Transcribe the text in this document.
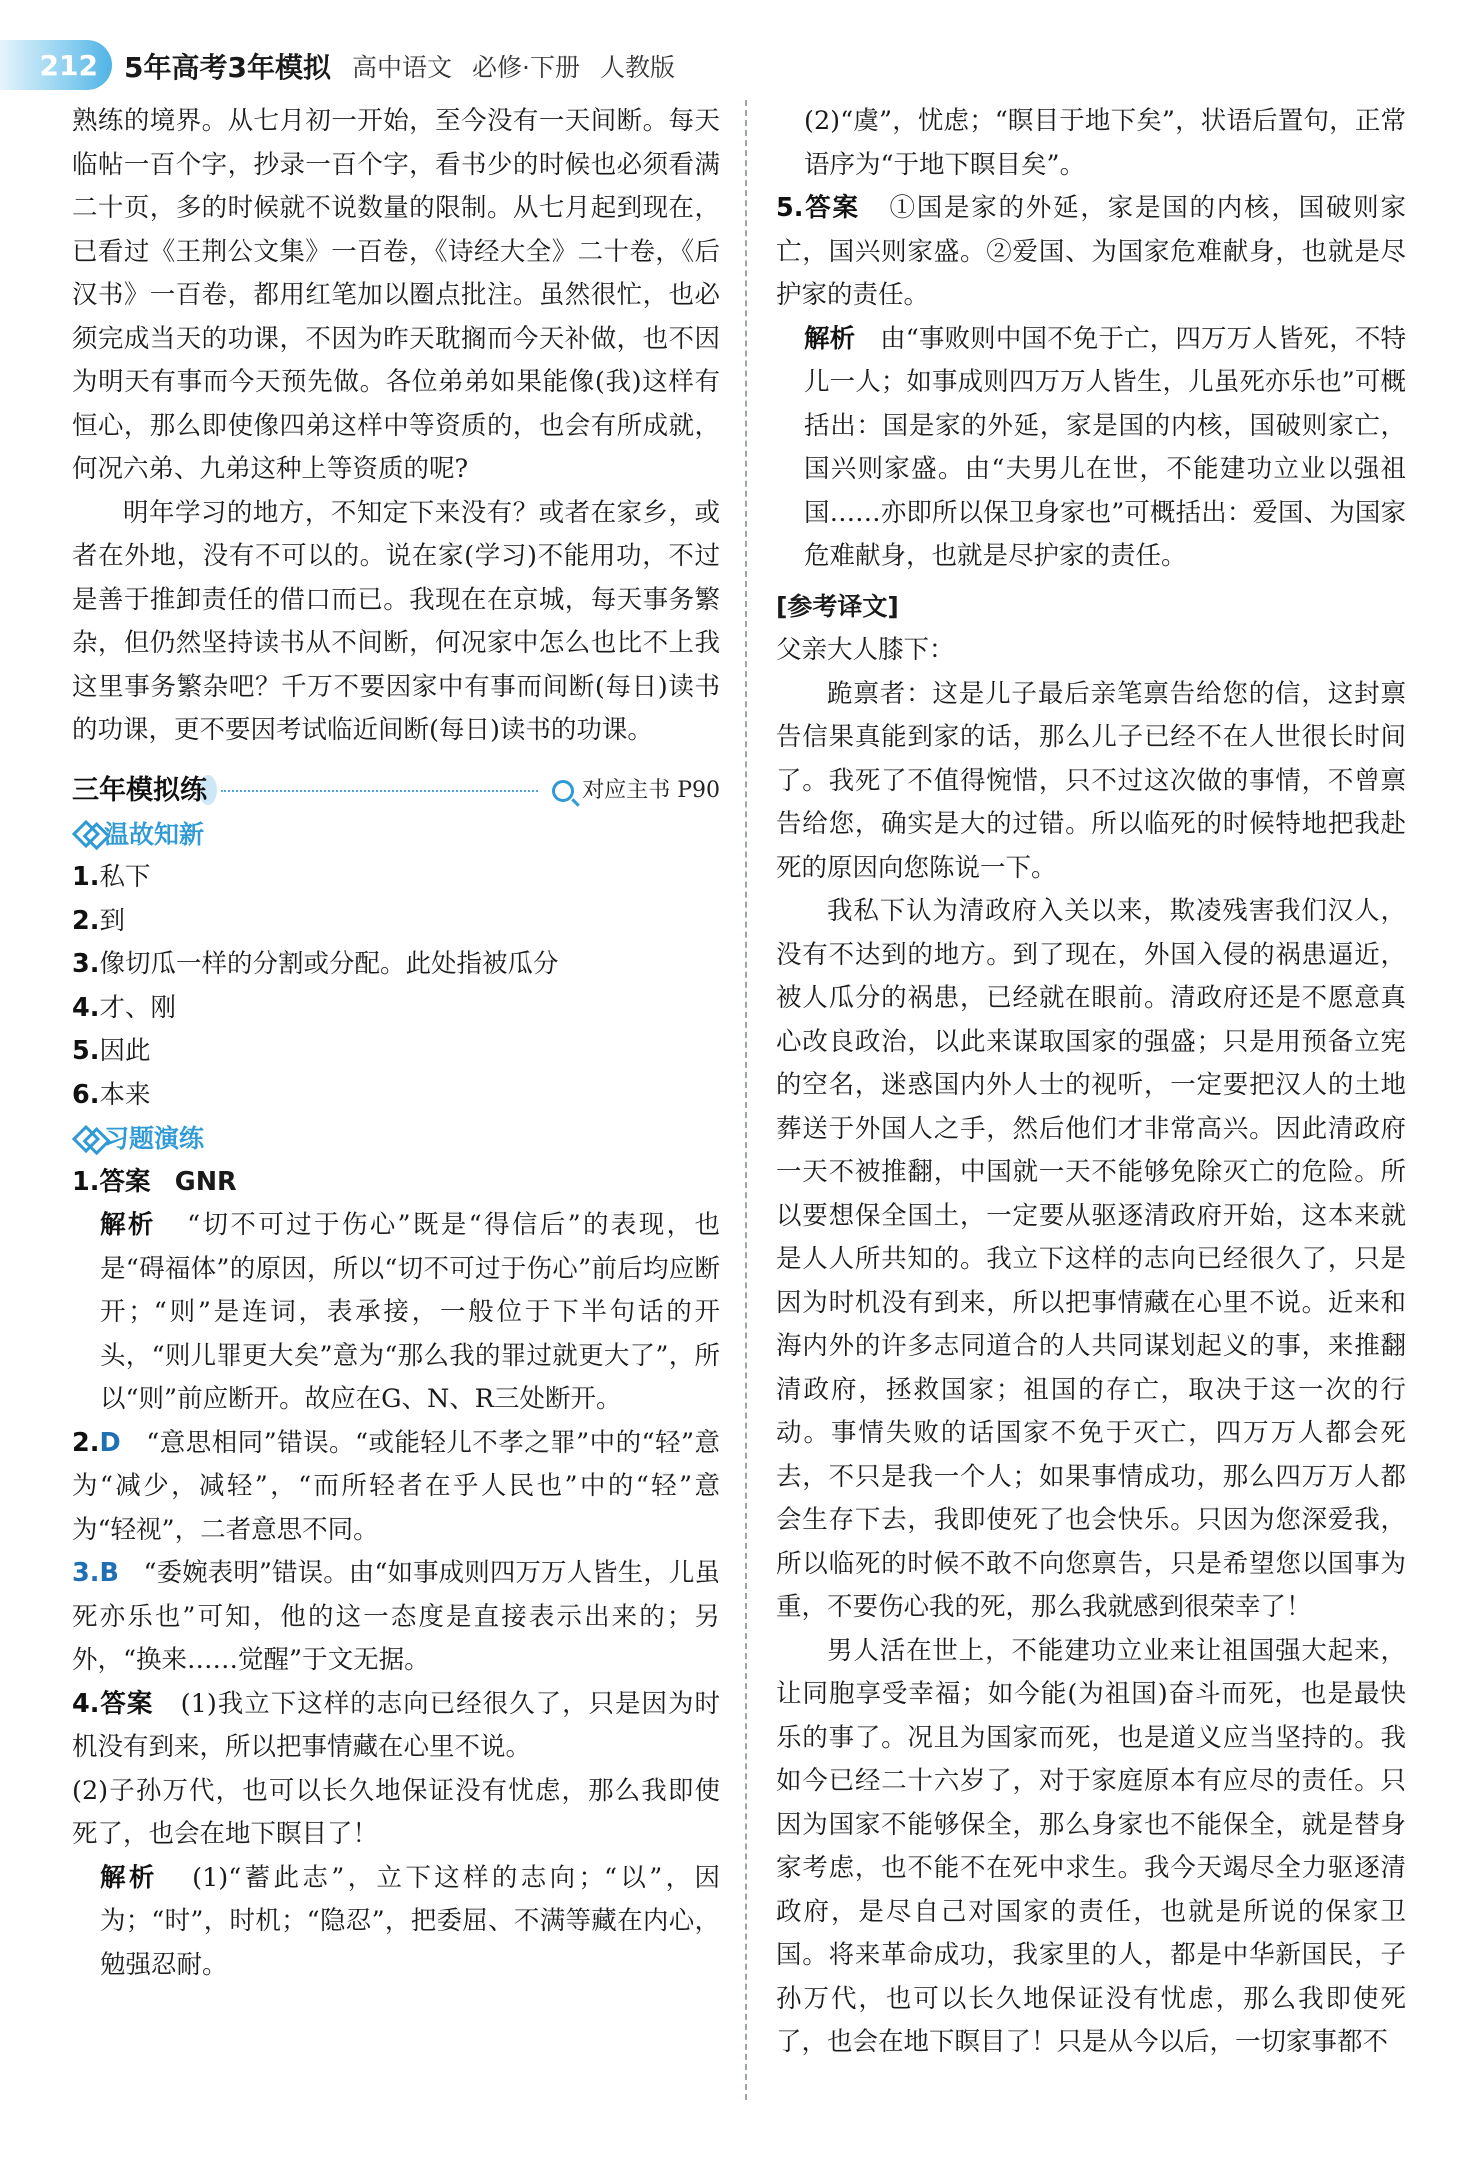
212 5年高考3年模拟 高中语文 必修·下册 人教版

熟练的境界。从七月初一开始，至今没有一天间断。每天临帖一百个字，抄录一百个字，看书少的时候也必须看满二十页，多的时候就不说数量的限制。从七月起到现在，已看过《王荆公文集》一百卷，《诗经大全》二十卷，《后汉书》一百卷，都用红笔加以圈点批注。虽然很忙，也必须完成当天的功课，不因为昨天耽搁而今天补做，也不因为明天有事而今天预先做。各位弟弟如果能像(我)这样有恒心，那么即使像四弟这样中等资质的，也会有所成就，何况六弟、九弟这种上等资质的呢?

明年学习的地方，不知定下来没有？或者在家乡，或者在外地，没有不可以的。说在家(学习)不能用功，不过是善于推卸责任的借口而已。我现在在京城，每天事务繁杂，但仍然坚持读书从不间断，何况家中怎么也比不上我这里事务繁杂吧？千万不要因家中有事而间断(每日)读书的功课，更不要因考试临近间断(每日)读书的功课。

三年模拟练	对应主书 P90
温故知新

1.私下

2.到

3.像切瓜一样的分割或分配。此处指被瓜分

4.才、刚

5.因此

6.本来

习题演练

1.答案 GNR

解析 “切不可过于伤心”既是“得信后”的表现，也是“碍福体”的原因，所以“切不可过于伤心”前后均应断开；“则”是连词，表承接，一般位于下半句话的开头，“则儿罪更大矣”意为“那么我的罪过就更大了”，所以“则”前应断开。故应在G、N、R三处断开。

2.D “意思相同”错误。“或能轻儿不孝之罪”中的“轻”意为“减少，减轻”，“而所轻者在乎人民也”中的“轻”意为“轻视”，二者意思不同。

3.B “委婉表明”错误。由“如事成则四万万人皆生，儿虽死亦乐也”可知，他的这一态度是直接表示出来的；另外，“换来……觉醒”于文无据。

4.答案 (1)我立下这样的志向已经很久了，只是因为时机没有到来，所以把事情藏在心里不说。

(2)子孙万代，也可以长久地保证没有忧虑，那么我即使死了，也会在地下瞑目了！

解析 (1)“蓄此志”，立下这样的志向；“以”，因为；“时”，时机；“隐忍”，把委屈、不满等藏在内心，勉强忍耐。

(2)“虞”，忧虑；“瞑目于地下矣”，状语后置句，正常语序为“于地下瞑目矣”。

5.答案 ①国是家的外延，家是国的内核，国破则家亡，国兴则家盛。②爱国、为国家危难献身，也就是尽护家的责任。

解析 由“事败则中国不免于亡，四万万人皆死，不特儿一人；如事成则四万万人皆生，儿虽死亦乐也”可概括出：国是家的外延，家是国的内核，国破则家亡，国兴则家盛。由“夫男儿在世，不能建功立业以强祖国……亦即所以保卫身家也”可概括出：爱国、为国家危难献身，也就是尽护家的责任。

[参考译文]

父亲大人膝下：

跪禀者：这是儿子最后亲笔禀告给您的信，这封禀告信果真能到家的话，那么儿子已经不在人世很长时间了。我死了不值得惋惜，只不过这次做的事情，不曾禀告给您，确实是大的过错。所以临死的时候特地把我赴死的原因向您陈说一下。

我私下认为清政府入关以来，欺凌残害我们汉人，没有不达到的地方。到了现在，外国入侵的祸患逼近，被人瓜分的祸患，已经就在眼前。清政府还是不愿意真心改良政治，以此来谋取国家的强盛；只是用预备立宪的空名，迷惑国内外人士的视听，一定要把汉人的土地葬送于外国人之手，然后他们才非常高兴。因此清政府一天不被推翻，中国就一天不能够免除灭亡的危险。所以要想保全国土，一定要从驱逐清政府开始，这本来就是人人所共知的。我立下这样的志向已经很久了，只是因为时机没有到来，所以把事情藏在心里不说。近来和海内外的许多志同道合的人共同谋划起义的事，来推翻清政府，拯救国家；祖国的存亡，取决于这一次的行动。事情失败的话国家不免于灭亡，四万万人都会死去，不只是我一个人；如果事情成功，那么四万万人都会生存下去，我即使死了也会快乐。只因为您深爱我，所以临死的时候不敢不向您禀告，只是希望您以国事为重，不要伤心我的死，那么我就感到很荣幸了！

男人活在世上，不能建功立业来让祖国强大起来，让同胞享受幸福；如今能(为祖国)奋斗而死，也是最快乐的事了。况且为国家而死，也是道义应当坚持的。我如今已经二十六岁了，对于家庭原本有应尽的责任。只因为国家不能够保全，那么身家也不能保全，就是替身家考虑，也不能不在死中求生。我今天竭尽全力驱逐清政府，是尽自己对国家的责任，也就是所说的保家卫国。将来革命成功，我家里的人，都是中华新国民，子孙万代，也可以长久地保证没有忧虑，那么我即使死了，也会在地下瞑目了！只是从今以后，一切家事都不
